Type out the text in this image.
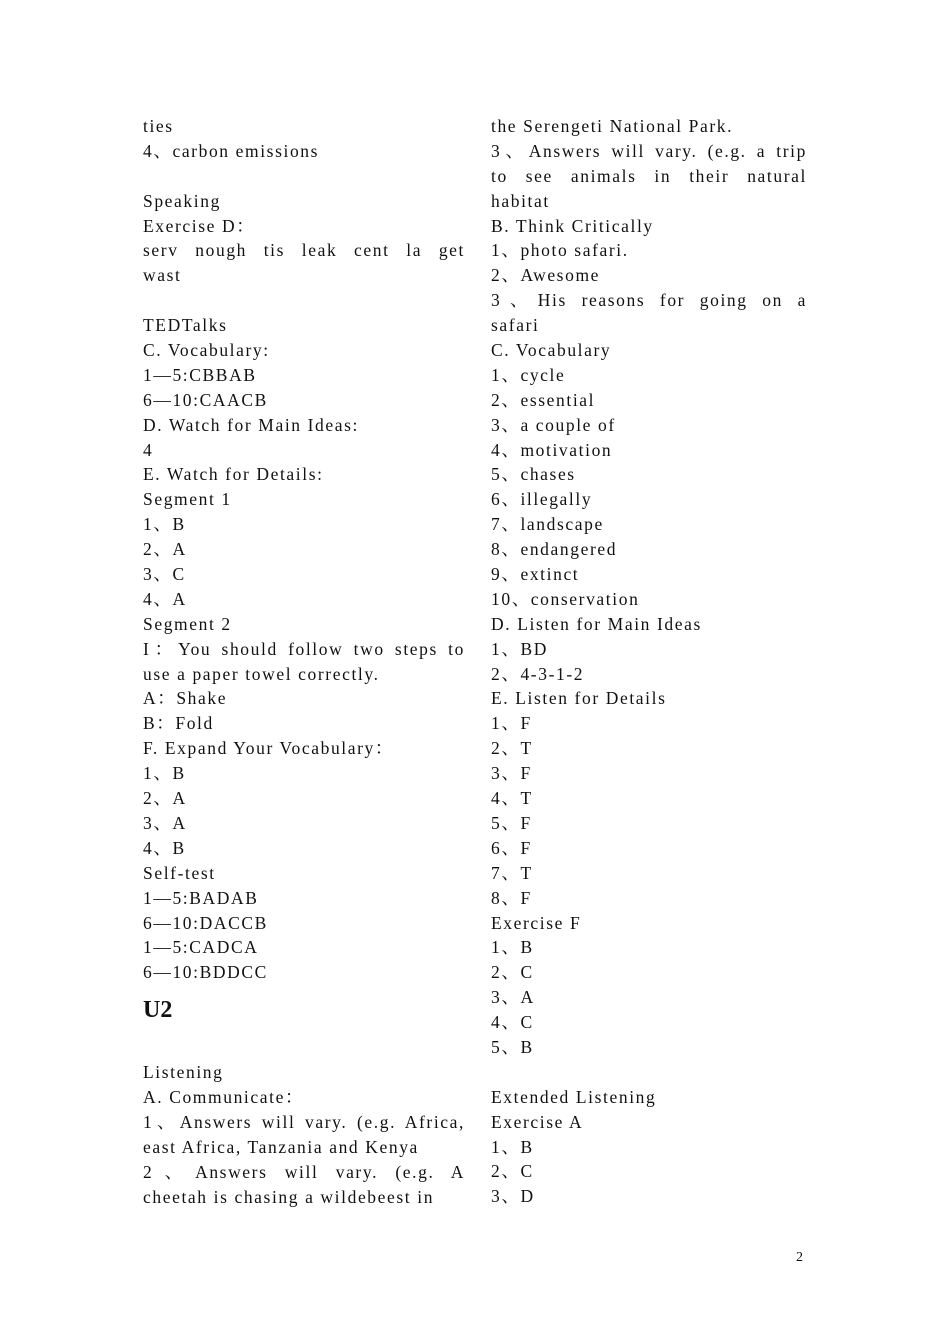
ties
4、carbon emissions
Speaking
Exercise D：
serv nough tis leak cent la get
wast
TEDTalks
C. Vocabulary:
1—5:CBBAB
6—10:CAACB
D. Watch for Main Ideas:
4
E. Watch for Details:
Segment 1
1、B
2、A
3、C
4、A
Segment 2
I：You should follow two steps to
use a paper towel correctly.
A：Shake
B：Fold
F. Expand Your Vocabulary：
1、B
2、A
3、A
4、B
Self-test
1—5:BADAB
6—10:DACCB
1—5:CADCA
6—10:BDDCC
U2
Listening
A. Communicate：
1、Answers will vary. (e.g. Africa,
east Africa, Tanzania and Kenya
2、Answers will vary. (e.g. A
cheetah is chasing a wildebeest in
the Serengeti National Park.
3、Answers will vary. (e.g. a trip
to see animals in their natural
habitat
B. Think Critically
1、photo safari.
2、Awesome
3、His reasons for going on a
safari
C. Vocabulary
1、cycle
2、essential
3、a couple of
4、motivation
5、chases
6、illegally
7、landscape
8、endangered
9、extinct
10、conservation
D. Listen for Main Ideas
1、BD
2、4-3-1-2
E. Listen for Details
1、F
2、T
3、F
4、T
5、F
6、F
7、T
8、F
Exercise F
1、B
2、C
3、A
4、C
5、B
Extended Listening
Exercise A
1、B
2、C
3、D
2
